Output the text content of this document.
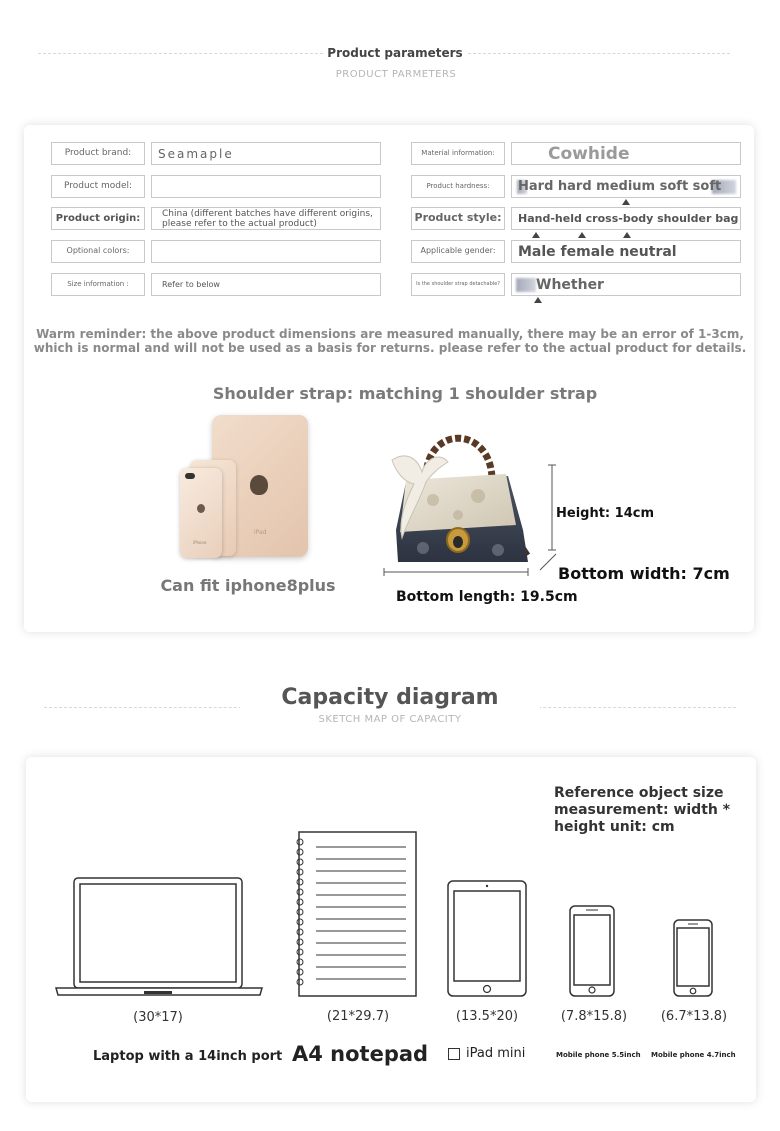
Product parameters
PRODUCT PARMETERS
Product brand:	Seamaple
Product model:
Product origin:	China (different batches have different origins, please refer to the actual product)
Optional colors:
Size information :	Refer to below
Material information:	Cowhide
Product hardness:	Hard hard medium soft soft
Product style:	Hand-held cross-body shoulder bag
Applicable gender:	Male female neutral
Is the shoulder strap detachable?	Whether
Warm reminder: the above product dimensions are measured manually, there may be an error of 1-3cm, which is normal and will not be used as a basis for returns. please refer to the actual product for details.
Shoulder strap: matching 1 shoulder strap
iPad
iPhone
Can fit iphone8plus
Height: 14cm
Bottom width: 7cm
Bottom length: 19.5cm
Capacity diagram
SKETCH MAP OF CAPACITY
Reference object size measurement: width * height unit: cm
(30*17)	(21*29.7)	(13.5*20)	(7.8*15.8)	(6.7*13.8)
Laptop with a 14inch port A4 notepad	iPad mini	Mobile phone 5.5inch Mobile phone 4.7inch
